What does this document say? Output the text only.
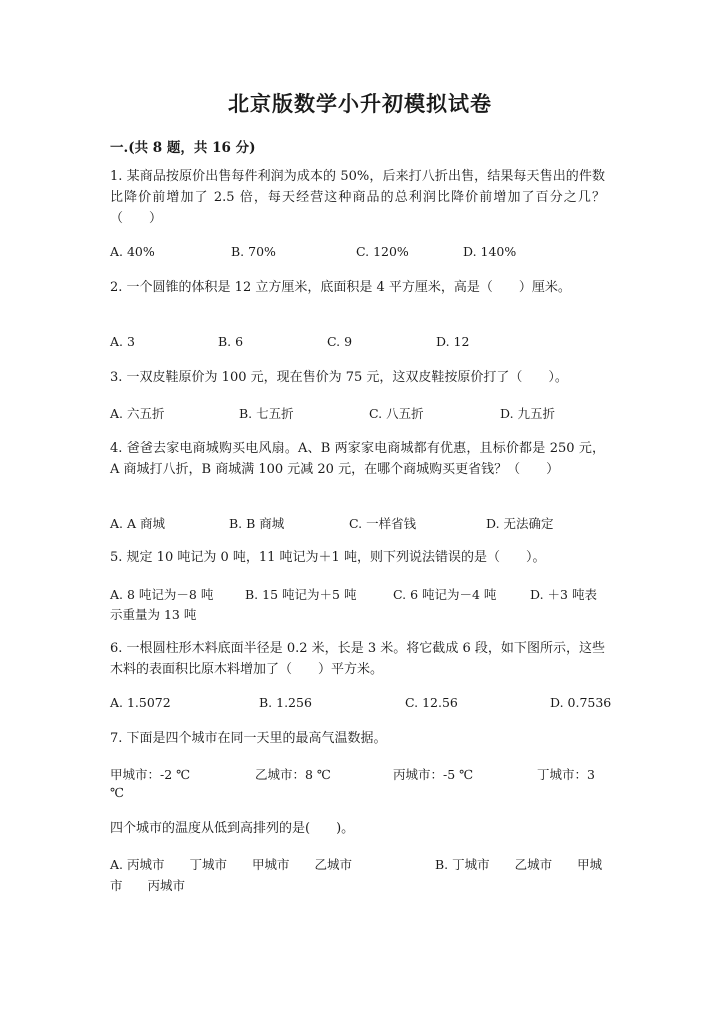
北京版数学小升初模拟试卷
一.(共 8 题，共 16 分)
1. 某商品按原价出售每件利润为成本的 50%，后来打八折出售，结果每天售出的件数比降价前增加了 2.5 倍，每天经营这种商品的总利润比降价前增加了百分之几？（　　）
A. 40%	B. 70%	C. 120%	D. 140%
2. 一个圆锥的体积是 12 立方厘米，底面积是 4 平方厘米，高是（　　）厘米。
A. 3	B. 6	C. 9	D. 12
3. 一双皮鞋原价为 100 元，现在售价为 75 元，这双皮鞋按原价打了（　　）。
A. 六五折	B. 七五折	C. 八五折	D. 九五折
4. 爸爸去家电商城购买电风扇。A、B 两家家电商城都有优惠，且标价都是 250 元，A 商城打八折，B 商城满 100 元减 20 元，在哪个商城购买更省钱？（　　）
A. A 商城	B. B 商城	C. 一样省钱	D. 无法确定
5. 规定 10 吨记为 0 吨，11 吨记为＋1 吨，则下列说法错误的是（　　）。
A. 8 吨记为－8 吨	B. 15 吨记为＋5 吨	C. 6 吨记为－4 吨	D. ＋3 吨表
示重量为 13 吨
6. 一根圆柱形木料底面半径是 0.2 米，长是 3 米。将它截成 6 段，如下图所示，这些木料的表面积比原木料增加了（　　）平方米。
A. 1.5072	B. 1.256	C. 12.56	D. 0.7536
7. 下面是四个城市在同一天里的最高气温数据。
甲城市：-2 ℃	乙城市：8 ℃	丙城市：-5 ℃	丁城市：3
℃
四个城市的温度从低到高排列的是(　　)。
A. 丙城市　　丁城市　　甲城市　　乙城市	B. 丁城市　　乙城市　　甲城
市　　丙城市
